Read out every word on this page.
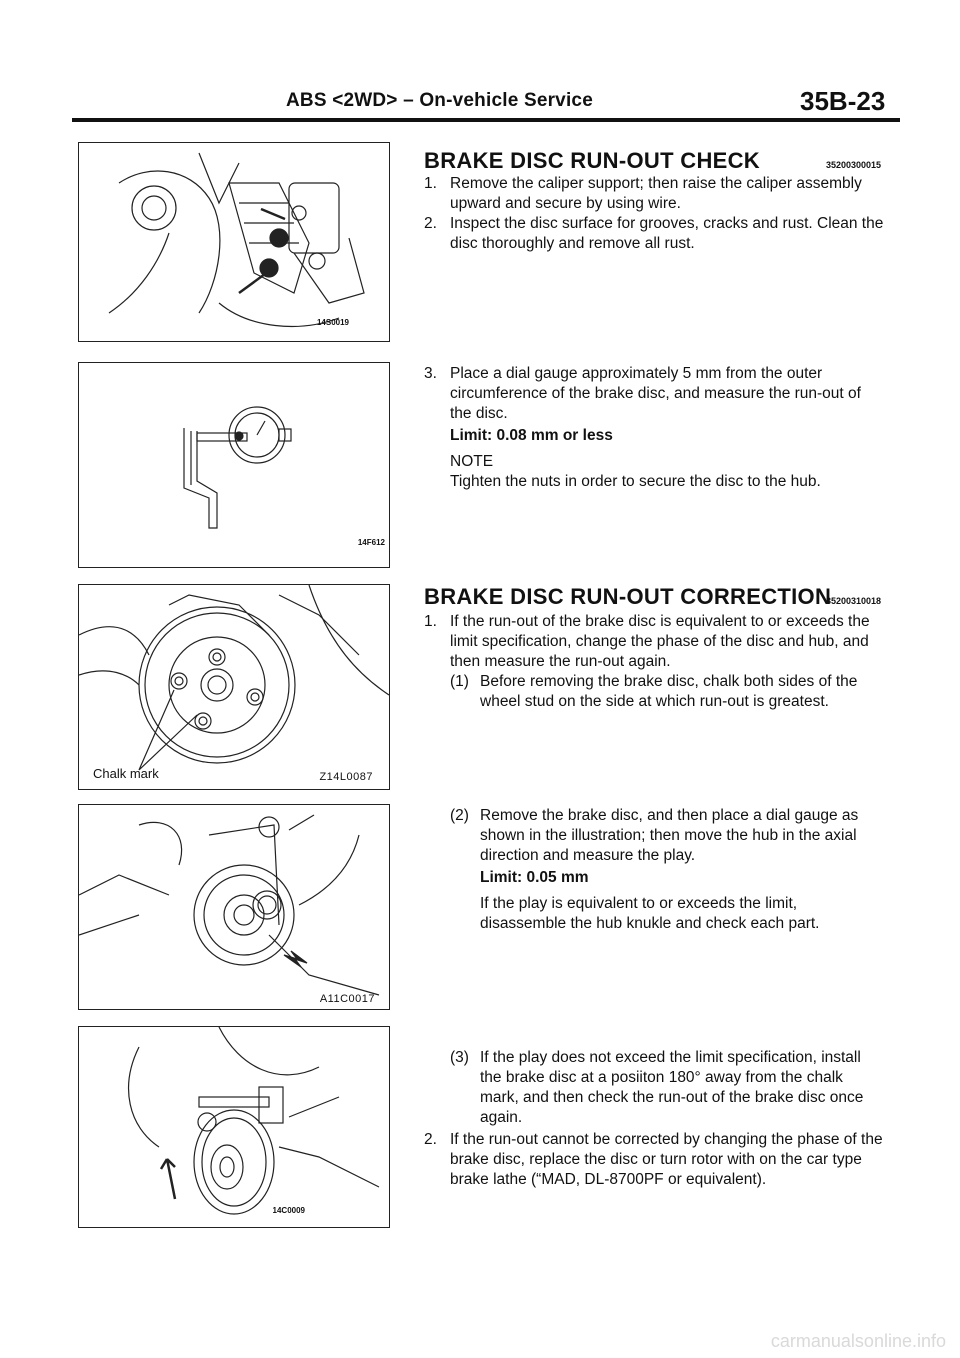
ABS <2WD> – On-vehicle Service	35B-23
14S0019
14F612
Chalk mark	Z14L0087
A11C0017
14C0009
BRAKE DISC RUN-OUT CHECK	35200300015
1. Remove the caliper support; then raise the caliper assembly upward and secure by using wire.
2. Inspect the disc surface for grooves, cracks and rust. Clean the disc thoroughly and remove all rust.
3. Place a dial gauge approximately 5 mm from the outer circumference of the brake disc, and measure the run-out of the disc.
Limit: 0.08 mm or less
NOTE
Tighten the nuts in order to secure the disc to the hub.
BRAKE DISC RUN-OUT CORRECTION
35200310018
1. If the run-out of the brake disc is equivalent to or exceeds the limit specification, change the phase of the disc and hub, and then measure the run-out again.
(1) Before removing the brake disc, chalk both sides of the wheel stud on the side at which run-out is greatest.
(2) Remove the brake disc, and then place a dial gauge as shown in the illustration; then move the hub in the axial direction and measure the play.
Limit: 0.05 mm
If the play is equivalent to or exceeds the limit, disassemble the hub knukle and check each part.
(3) If the play does not exceed the limit specification, install the brake disc at a posiiton 180° away from the chalk mark, and then check the run-out of the brake disc once again.
2. If the run-out cannot be corrected by changing the phase of the brake disc, replace the disc or turn rotor with on the car type brake lathe (“MAD, DL-8700PF or equivalent).
carmanualsonline.info
